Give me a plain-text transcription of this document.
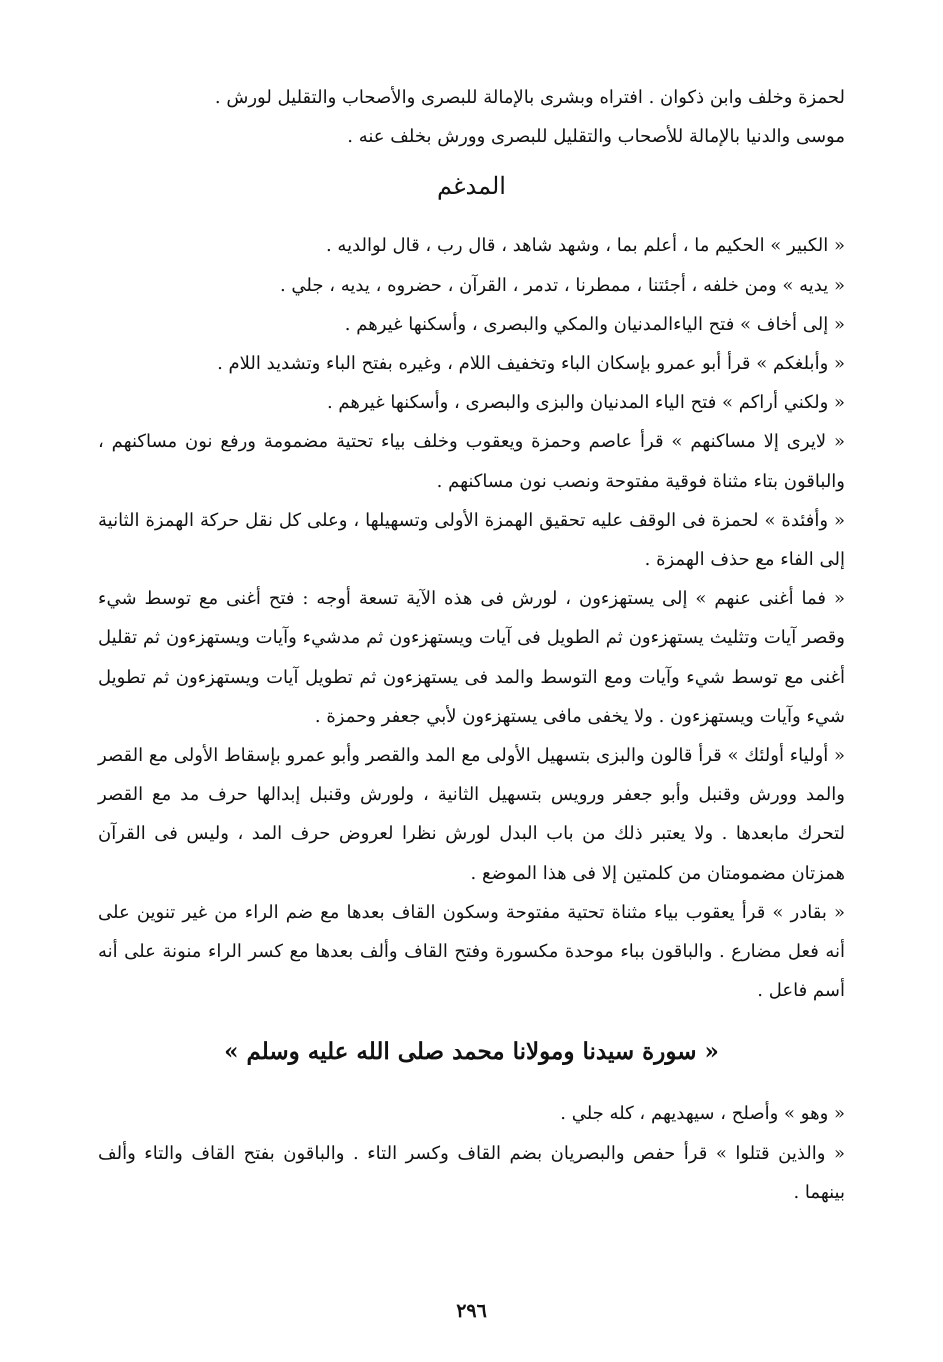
لحمزة وخلف وابن ذكوان . افتراه وبشرى بالإمالة للبصرى والأصحاب والتقليل لورش .

موسى والدنيا بالإمالة للأصحاب والتقليل للبصرى وورش بخلف عنه .

المدغم

« الكبير » الحكيم ما ، أعلم بما ، وشهد شاهد ، قال رب ، قال لوالديه .

« يديه » ومن خلفه ، أجئتنا ، ممطرنا ، تدمر ، القرآن ، حضروه ، يديه ، جلي .

« إلى أخاف » فتح الياءالمدنيان والمكي والبصرى ، وأسكنها غيرهم .

« وأبلغكم » قرأ أبو عمرو بإسكان الباء وتخفيف اللام ، وغيره بفتح الباء وتشديد اللام .

« ولكني أراكم » فتح الياء المدنيان والبزى والبصرى ، وأسكنها غيرهم .

« لايرى إلا مساكنهم » قرأ عاصم وحمزة ويعقوب وخلف بياء تحتية مضمومة ورفع نون مساكنهم ، والباقون بتاء مثناة فوقية مفتوحة ونصب نون مساكنهم .

« وأفئدة » لحمزة فى الوقف عليه تحقيق الهمزة الأولى وتسهيلها ، وعلى كل نقل حركة الهمزة الثانية إلى الفاء مع حذف الهمزة .

« فما أغنى عنهم » إلى يستهزءون ، لورش فى هذه الآية تسعة أوجه : فتح أغنى مع توسط شيء وقصر آيات وتثليث يستهزءون ثم الطويل فى آيات ويستهزءون ثم مدشيء وآيات ويستهزءون ثم تقليل أغنى مع توسط شيء وآيات ومع التوسط والمد فى يستهزءون ثم تطويل آيات ويستهزءون ثم تطويل شيء وآيات ويستهزءون . ولا يخفى مافى يستهزءون لأبي جعفر وحمزة .

« أولياء أولئك » قرأ قالون والبزى بتسهيل الأولى مع المد والقصر وأبو عمرو بإسقاط الأولى مع القصر والمد وورش وقنبل وأبو جعفر ورويس بتسهيل الثانية ، ولورش وقنبل إبدالها حرف مد مع القصر لتحرك مابعدها . ولا يعتبر ذلك من باب البدل لورش نظرا لعروض حرف المد ، وليس فى القرآن همزتان مضمومتان من كلمتين إلا فى هذا الموضع .

« بقادر » قرأ يعقوب بياء مثناة تحتية مفتوحة وسكون القاف بعدها مع ضم الراء من غير تنوين على أنه فعل مضارع . والباقون بباء موحدة مكسورة وفتح القاف وألف بعدها مع كسر الراء منونة على أنه أسم فاعل .

« سورة سيدنا ومولانا محمد صلى الله عليه وسلم »

« وهو » وأصلح ، سيهديهم ، كله جلي .

« والذين قتلوا » قرأ حفص والبصريان بضم القاف وكسر التاء . والباقون بفتح القاف والتاء وألف بينهما .

٢٩٦
